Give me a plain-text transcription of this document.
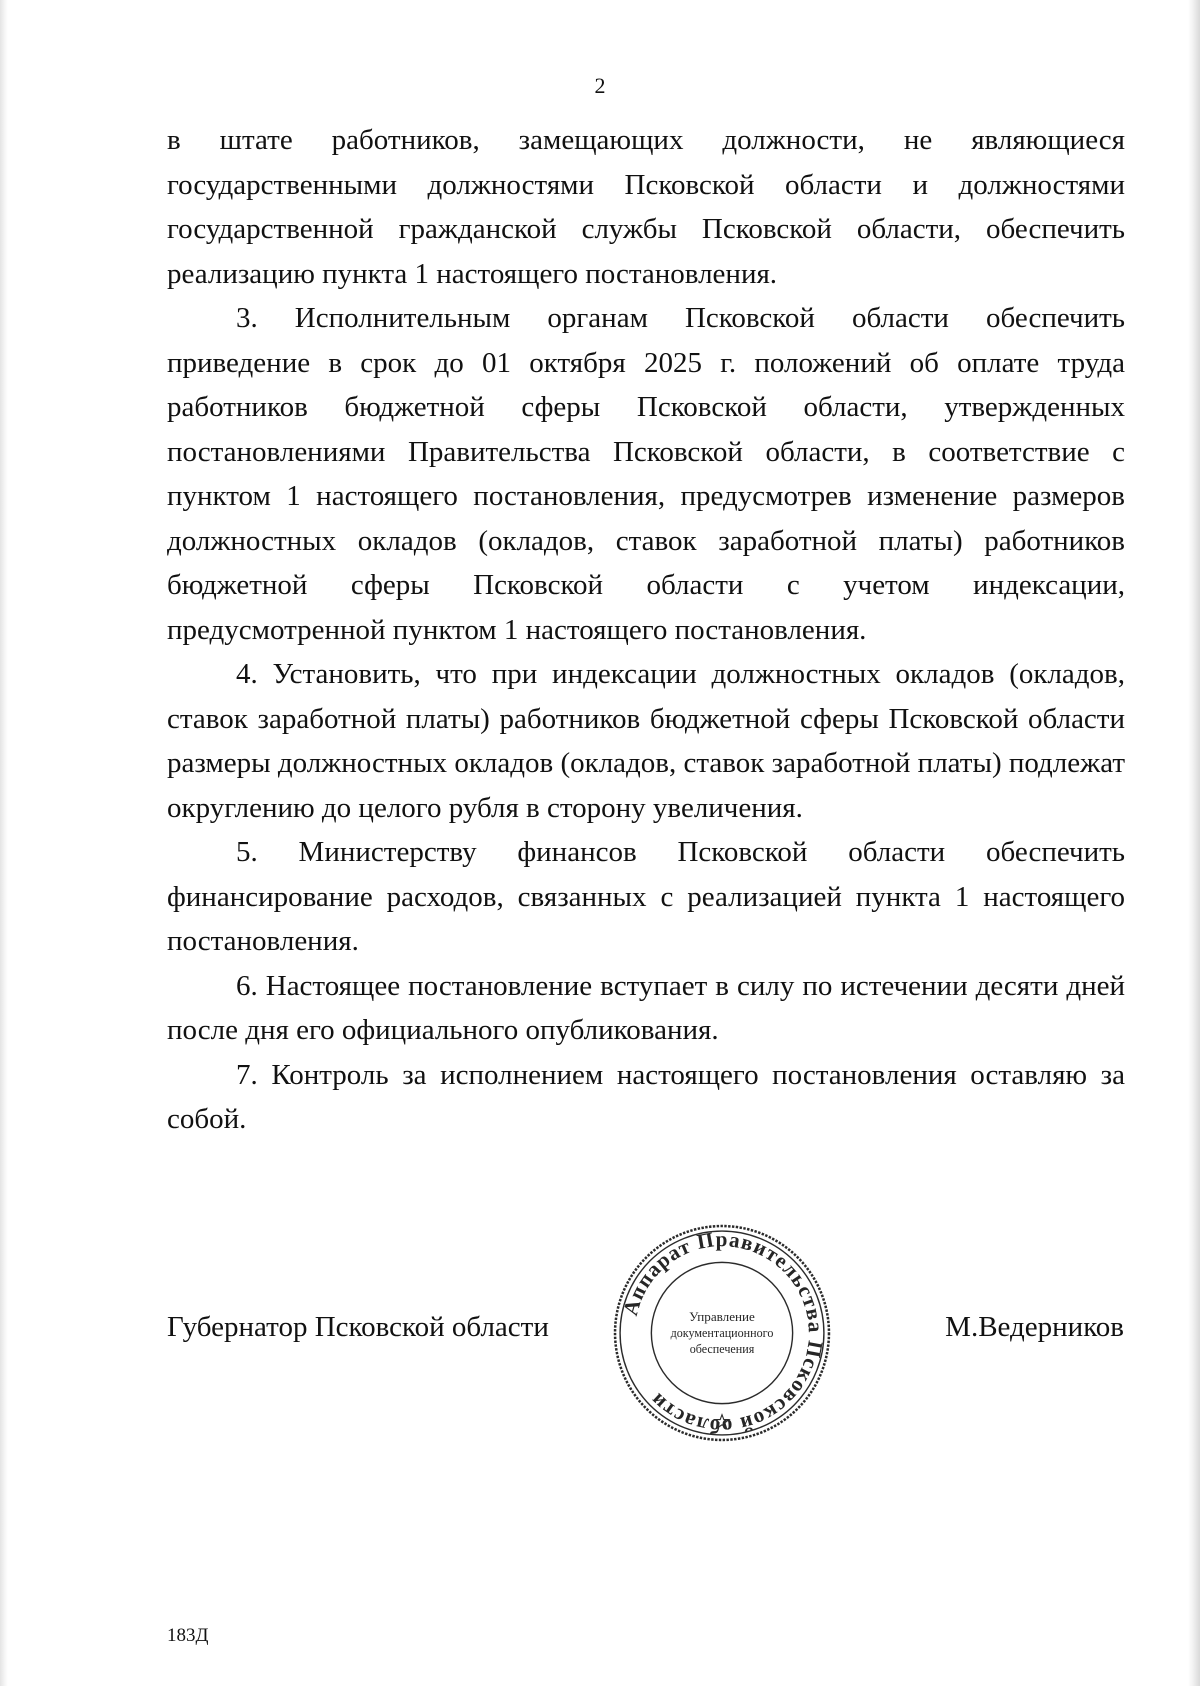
2

в штате работников, замещающих должности, не являющиеся государственными должностями Псковской области и должностями государственной гражданской службы Псковской области, обеспечить реализацию пункта 1 настоящего постановления.

3. Исполнительным органам Псковской области обеспечить приведение в срок до 01 октября 2025 г. положений об оплате труда работников бюджетной сферы Псковской области, утвержденных постановлениями Правительства Псковской области, в соответствие с пунктом 1 настоящего постановления, предусмотрев изменение размеров должностных окладов (окладов, ставок заработной платы) работников бюджетной сферы Псковской области с учетом индексации, предусмотренной пунктом 1 настоящего постановления.

4. Установить, что при индексации должностных окладов (окладов, ставок заработной платы) работников бюджетной сферы Псковской области размеры должностных окладов (окладов, ставок заработной платы) подлежат округлению до целого рубля в сторону увеличения.

5. Министерству финансов Псковской области обеспечить финансирование расходов, связанных с реализацией пункта 1 настоящего постановления.

6. Настоящее постановление вступает в силу по истечении десяти дней после дня его официального опубликования.

7. Контроль за исполнением настоящего постановления оставляю за собой.

Губернатор Псковской области
Аппарат Правительства Псковской области
Управление
документационного
обеспечения
М.Ведерников
183Д
